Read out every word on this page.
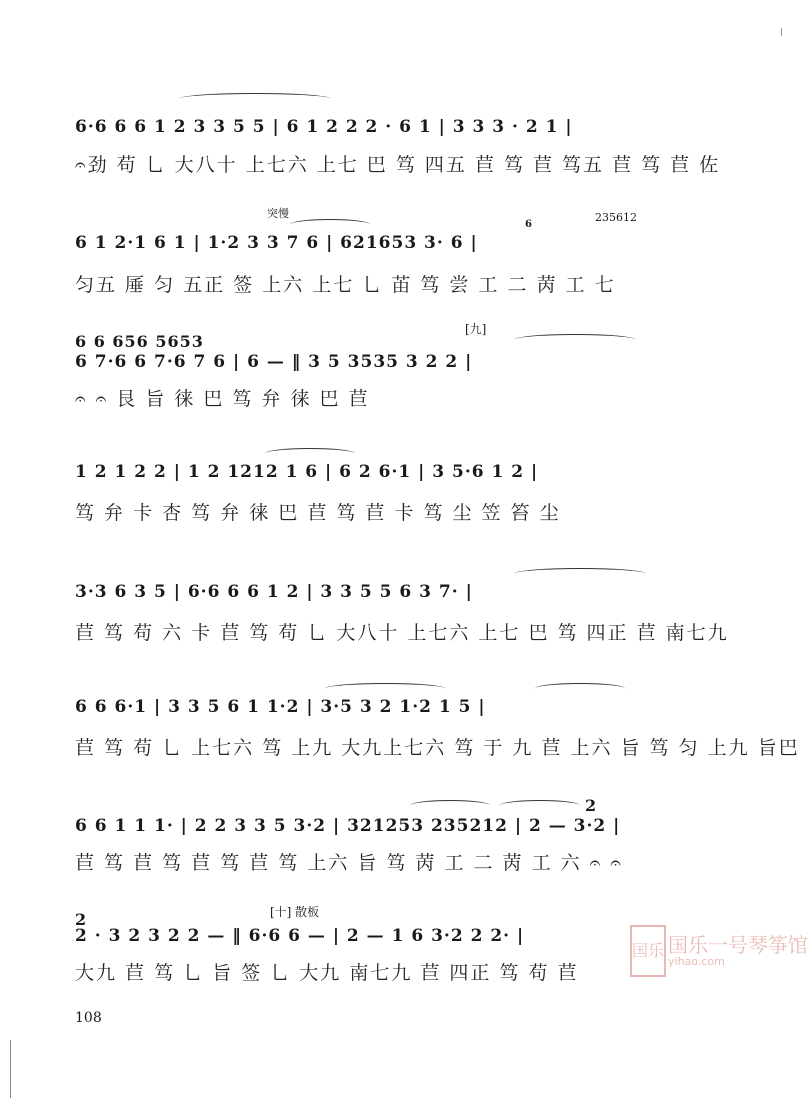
6·6 6 6 1 2 3 3 5 5 | 6 1 2 2 2 · 6 1 | 3 3 3 · 2 1 |
𝄐劲 苟 乚 大八十 上七六 上七 巴 笃 四五 苣 笃 苣 笃五 苣 笃 苣 佐
突慢
6
235612
6 1 2·1 6 1 | 1·2 3 3 7 6 | 621653 3· 6 |
匀五 厜 匀 五正 签 上六 上七 乚 苖 笃 尝 工 二 苪 工 七
6 6 656 5653
[九]
6 7·6 6 7·6 7 6 | 6 — ‖ 3 5 3535 3 2 2 |
𝄐 𝄐 艮 旨 徕 巴 笃 弁 徕 巴 苣
1 2 1 2 2 | 1 2 1212 1 6 | 6 2 6·1 | 3 5·6 1 2 |
笃 弁 卡 杏 笃 弁 徕 巴 苣 笃 苣 卡 笃 尘 笠 笞 尘
3·3 6 3 5 | 6·6 6 6 1 2 | 3 3 5 5 6 3 7· |
苣 笃 苟 六 卡 苣 笃 苟 乚 大八十 上七六 上七 巴 笃 四正 苣 南七九
6 6 6·1 | 3 3 5 6 1 1·2 | 3·5 3 2 1·2 1 5 |
苣 笃 苟 乚 上七六 笃 上九 大九上七六 笃 于 九 苣 上六 旨 笃 匀 上九 旨巴
2
6 6 1 1 1· | 2 2 3 3 5 3·2 | 321253 235212 | 2 — 3·2 |
苣 笃 苣 笃 苣 笃 苣 笃 上六 旨 笃 苪 工 二 苪 工 六 𝄐 𝄐
2	[十] 散板
2 · 3 2 3 2 2 — ‖ 6·6 6 — | 2 — 1 6 3·2 2 2· |
大九 苣 笃 乚 旨 签 乚 大九 南七九 苣 四正 笃 苟 苣
108
国乐 国乐一号琴筝馆
yihao.com
